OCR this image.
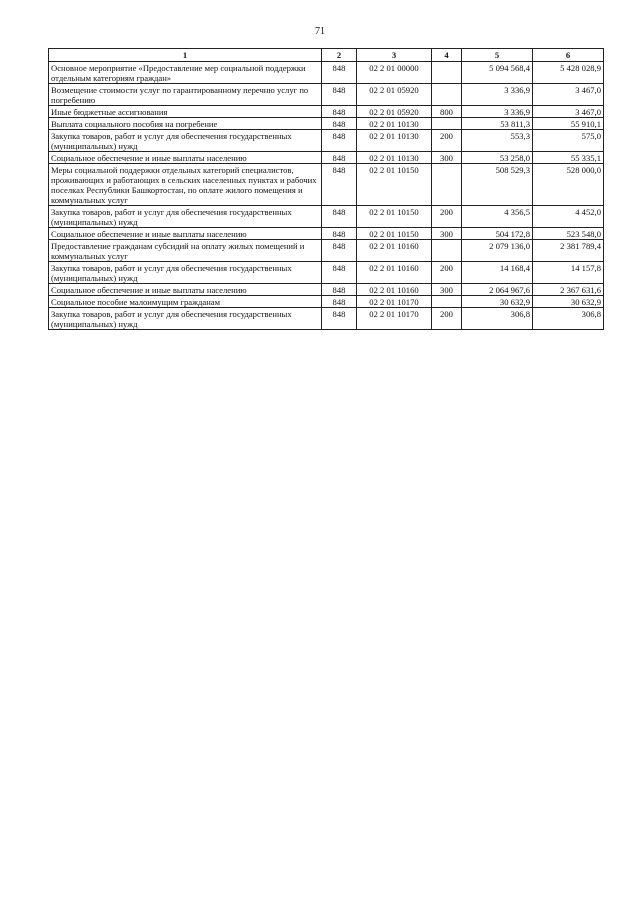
71
1	2	3	4	5	6
Основное мероприятие «Предоставление мер социальной поддержки отдельным категориям граждан»	848	02 2 01 00000		5 094 568,4	5 428 028,9
Возмещение стоимости услуг по гарантированному перечню услуг по погребению	848	02 2 01 05920		3 336,9	3 467,0
Иные бюджетные ассигнования	848	02 2 01 05920	800	3 336,9	3 467,0
Выплата социального пособия на погребение	848	02 2 01 10130		53 811,3	55 910,1
Закупка товаров, работ и услуг для обеспечения государственных (муниципальных) нужд	848	02 2 01 10130	200	553,3	575,0
Социальное обеспечение и иные выплаты населению	848	02 2 01 10130	300	53 258,0	55 335,1
Меры социальной поддержки отдельных категорий специалистов, проживающих и работающих в сельских населенных пунктах и рабочих поселках Республики Башкортостан, по оплате жилого помещения и коммунальных услуг	848	02 2 01 10150		508 529,3	528 000,0
Закупка товаров, работ и услуг для обеспечения государственных (муниципальных) нужд	848	02 2 01 10150	200	4 356,5	4 452,0
Социальное обеспечение и иные выплаты населению	848	02 2 01 10150	300	504 172,8	523 548,0
Предоставление гражданам субсидий на оплату жилых помещений и коммунальных услуг	848	02 2 01 10160		2 079 136,0	2 381 789,4
Закупка товаров, работ и услуг для обеспечения государственных (муниципальных) нужд	848	02 2 01 10160	200	14 168,4	14 157,8
Социальное обеспечение и иные выплаты населению	848	02 2 01 10160	300	2 064 967,6	2 367 631,6
Социальное пособие малоимущим гражданам	848	02 2 01 10170		30 632,9	30 632,9
Закупка товаров, работ и услуг для обеспечения государственных (муниципальных) нужд	848	02 2 01 10170	200	306,8	306,8
